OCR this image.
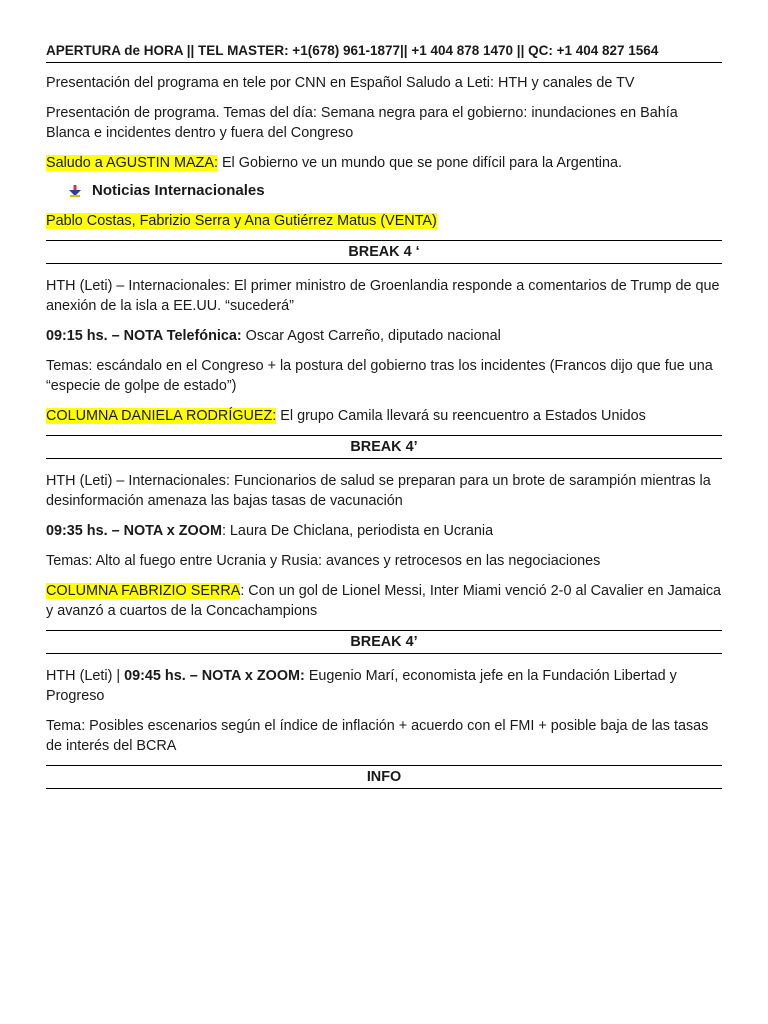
APERTURA de HORA || TEL MASTER: +1(678) 961-1877|| +1 404 878 1470 || QC: +1 404 827 1564

Presentación del programa en tele por CNN en Español Saludo a Leti: HTH y canales de TV

Presentación de programa. Temas del día: Semana negra para el gobierno: inundaciones en Bahía Blanca e incidentes dentro y fuera del Congreso

Saludo a AGUSTIN MAZA: El Gobierno ve un mundo que se pone difícil para la Argentina.

Noticias Internacionales

Pablo Costas, Fabrizio Serra y Ana Gutiérrez Matus (VENTA)

BREAK 4 ‘

HTH (Leti) – Internacionales: El primer ministro de Groenlandia responde a comentarios de Trump de que anexión de la isla a EE.UU. “sucederá”

09:15 hs. – NOTA Telefónica: Oscar Agost Carreño, diputado nacional

Temas: escándalo en el Congreso + la postura del gobierno tras los incidentes (Francos dijo que fue una “especie de golpe de estado”)

COLUMNA DANIELA RODRÍGUEZ: El grupo Camila llevará su reencuentro a Estados Unidos

BREAK 4’

HTH (Leti) – Internacionales: Funcionarios de salud se preparan para un brote de sarampión mientras la desinformación amenaza las bajas tasas de vacunación

09:35 hs. – NOTA x ZOOM: Laura De Chiclana, periodista en Ucrania

Temas: Alto al fuego entre Ucrania y Rusia: avances y retrocesos en las negociaciones

COLUMNA FABRIZIO SERRA: Con un gol de Lionel Messi, Inter Miami venció 2-0 al Cavalier en Jamaica y avanzó a cuartos de la Concachampions

BREAK 4’

HTH (Leti) | 09:45 hs. – NOTA x ZOOM: Eugenio Marí, economista jefe en la Fundación Libertad y Progreso

Tema: Posibles escenarios según el índice de inflación + acuerdo con el FMI + posible baja de las tasas de interés del BCRA

INFO
